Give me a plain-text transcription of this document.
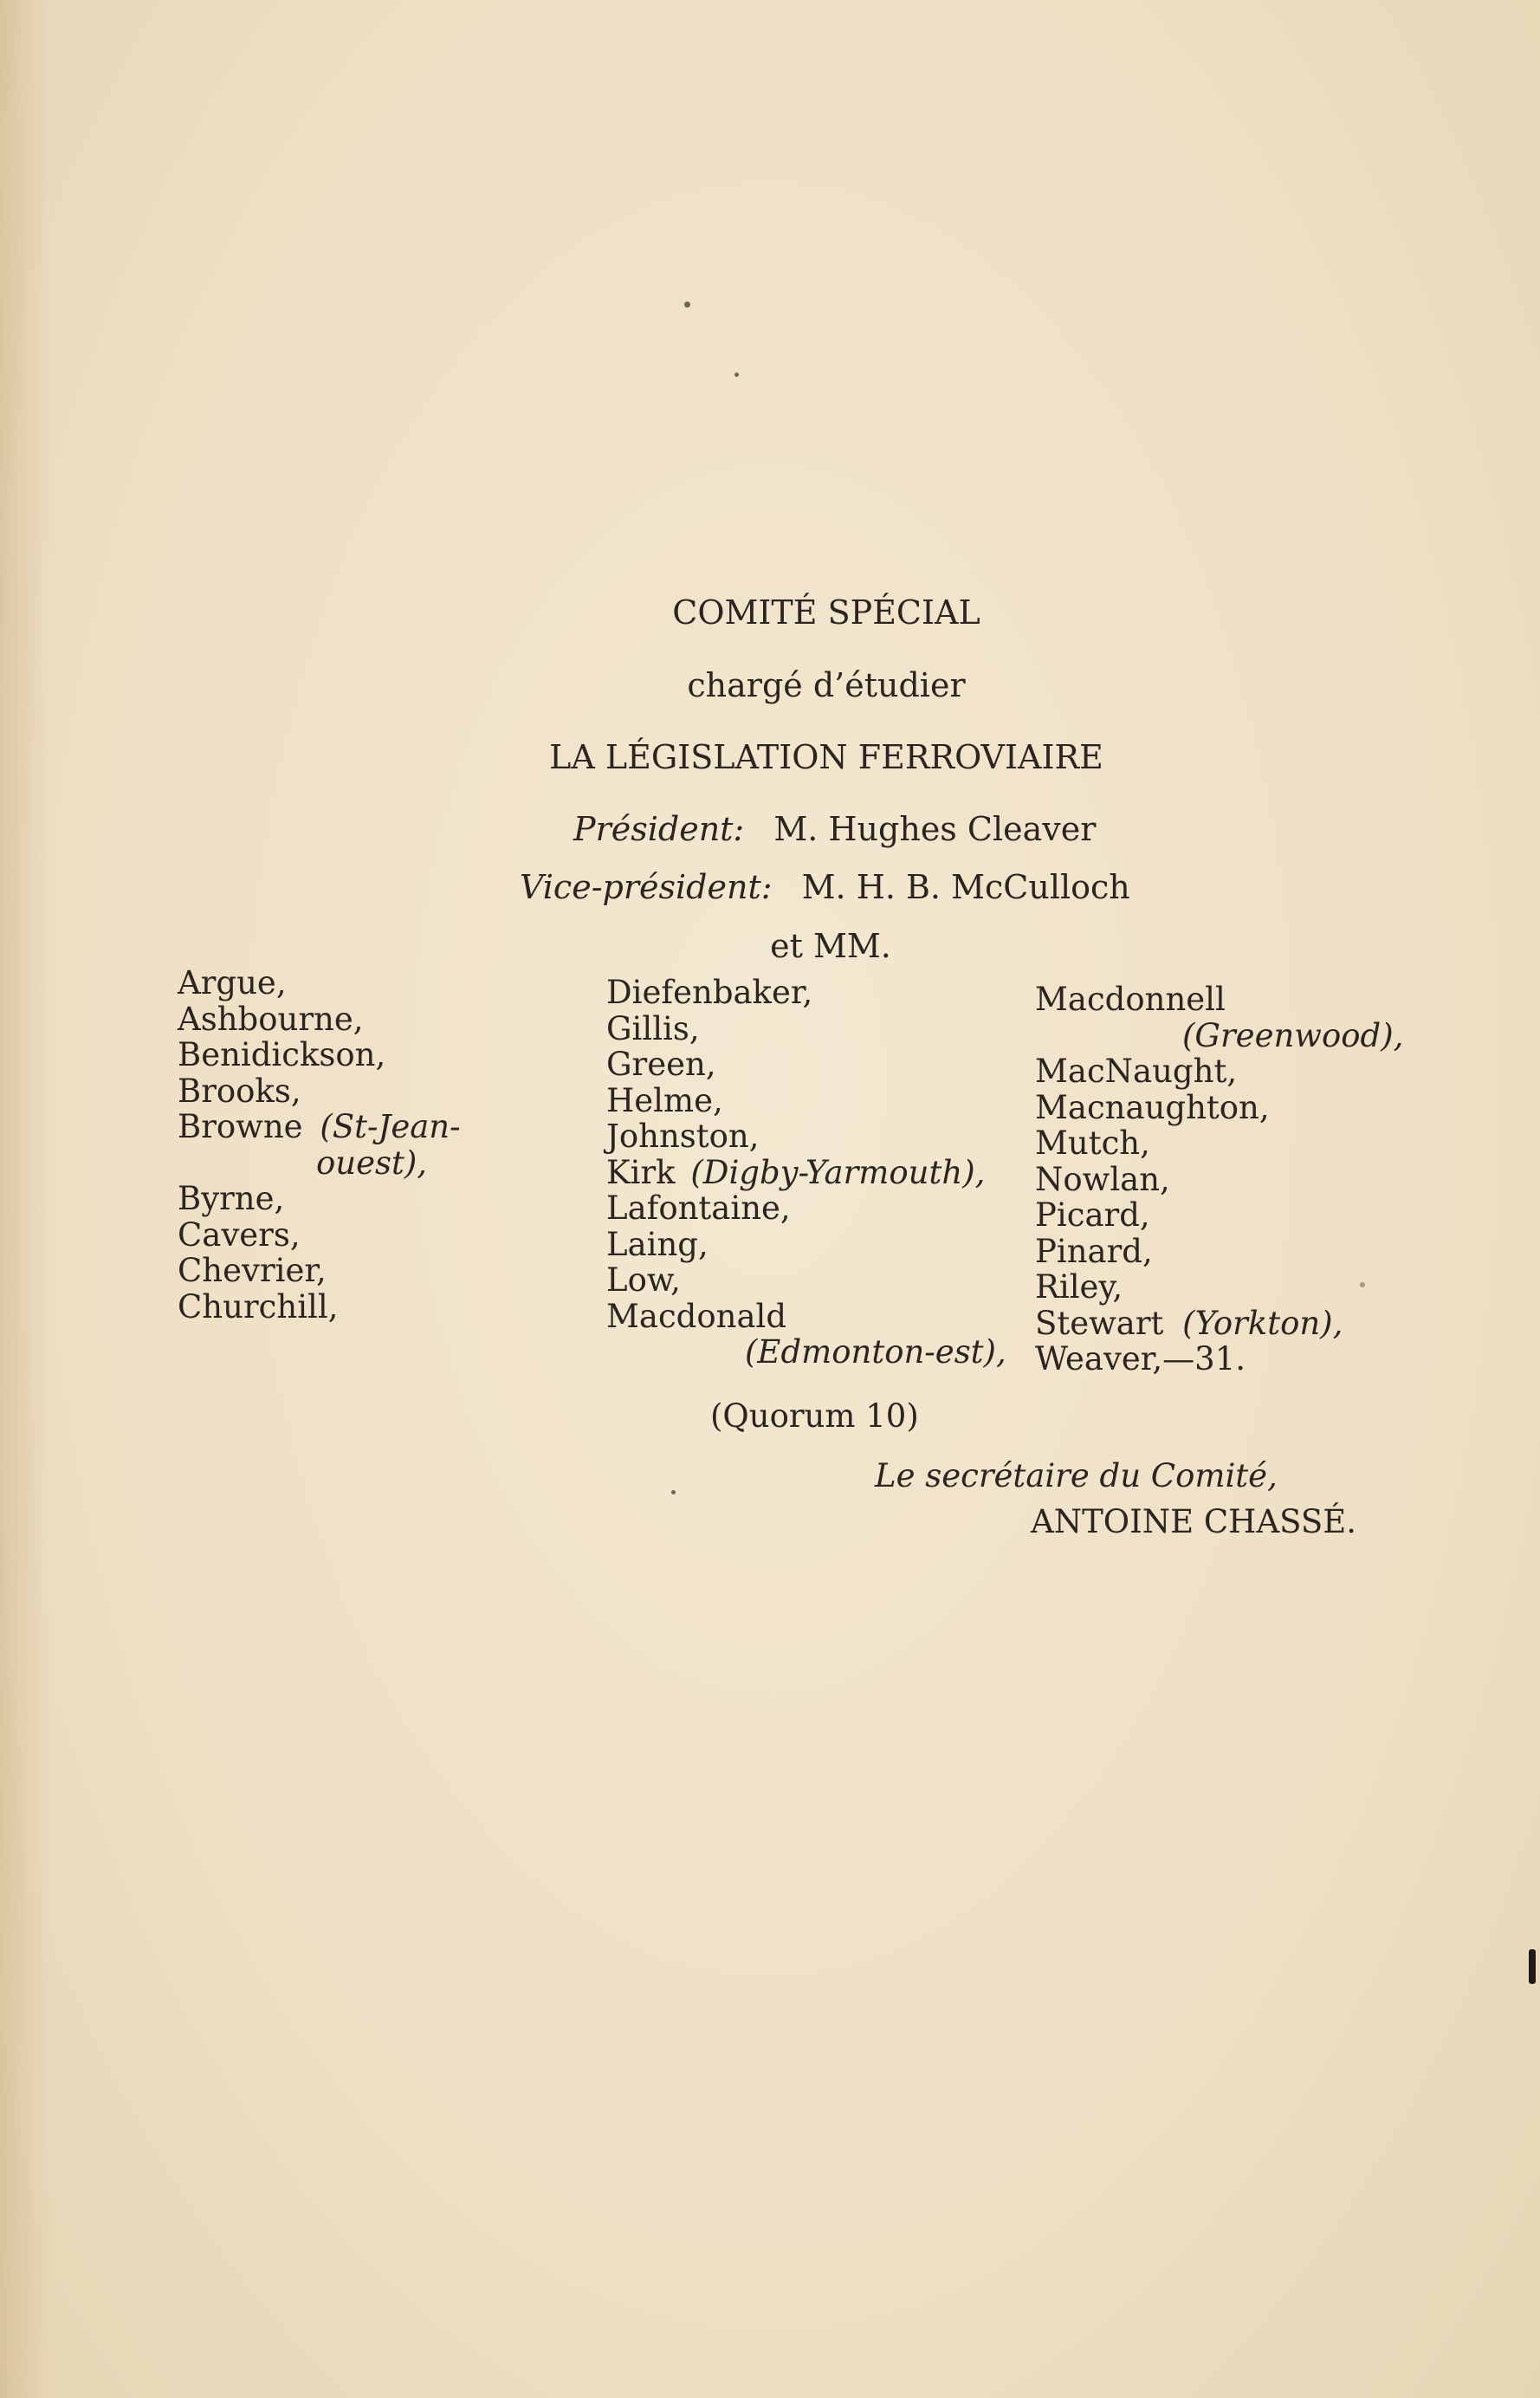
COMITÉ SPÉCIAL
chargé d’étudier
LA LÉGISLATION FERROVIAIRE
Président: M. Hughes Cleaver
Vice-président: M. H. B. McCulloch
et MM.
Argue,
Ashbourne,
Benidickson,
Brooks,
Browne (St-Jean-
ouest),
Byrne,
Cavers,
Chevrier,
Churchill,
Diefenbaker,
Gillis,
Green,
Helme,
Johnston,
Kirk (Digby-Yarmouth),
Lafontaine,
Laing,
Low,
Macdonald
(Edmonton-est),
Macdonnell
(Greenwood),
MacNaught,
Macnaughton,
Mutch,
Nowlan,
Picard,
Pinard,
Riley,
Stewart (Yorkton),
Weaver,—31.
(Quorum 10)
Le secrétaire du Comité,
ANTOINE CHASSÉ.
